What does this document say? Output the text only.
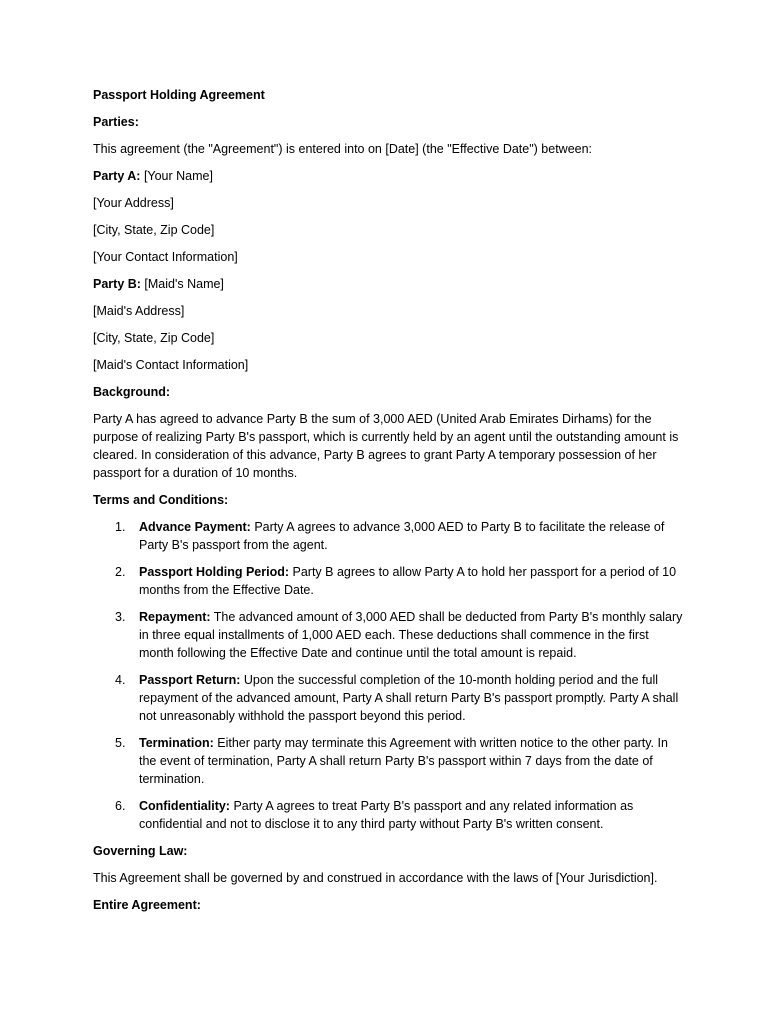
Passport Holding Agreement

Parties:

This agreement (the "Agreement") is entered into on [Date] (the "Effective Date") between:

Party A: [Your Name]

[Your Address]

[City, State, Zip Code]

[Your Contact Information]

Party B: [Maid's Name]

[Maid's Address]

[City, State, Zip Code]

[Maid's Contact Information]

Background:

Party A has agreed to advance Party B the sum of 3,000 AED (United Arab Emirates Dirhams) for the purpose of realizing Party B's passport, which is currently held by an agent until the outstanding amount is cleared. In consideration of this advance, Party B agrees to grant Party A temporary possession of her passport for a duration of 10 months.

Terms and Conditions:

1. Advance Payment: Party A agrees to advance 3,000 AED to Party B to facilitate the release of Party B's passport from the agent.
2. Passport Holding Period: Party B agrees to allow Party A to hold her passport for a period of 10 months from the Effective Date.
3. Repayment: The advanced amount of 3,000 AED shall be deducted from Party B's monthly salary in three equal installments of 1,000 AED each. These deductions shall commence in the first month following the Effective Date and continue until the total amount is repaid.
4. Passport Return: Upon the successful completion of the 10-month holding period and the full repayment of the advanced amount, Party A shall return Party B's passport promptly. Party A shall not unreasonably withhold the passport beyond this period.
5. Termination: Either party may terminate this Agreement with written notice to the other party. In the event of termination, Party A shall return Party B's passport within 7 days from the date of termination.
6. Confidentiality: Party A agrees to treat Party B's passport and any related information as confidential and not to disclose it to any third party without Party B's written consent.

Governing Law:

This Agreement shall be governed by and construed in accordance with the laws of [Your Jurisdiction].

Entire Agreement:
